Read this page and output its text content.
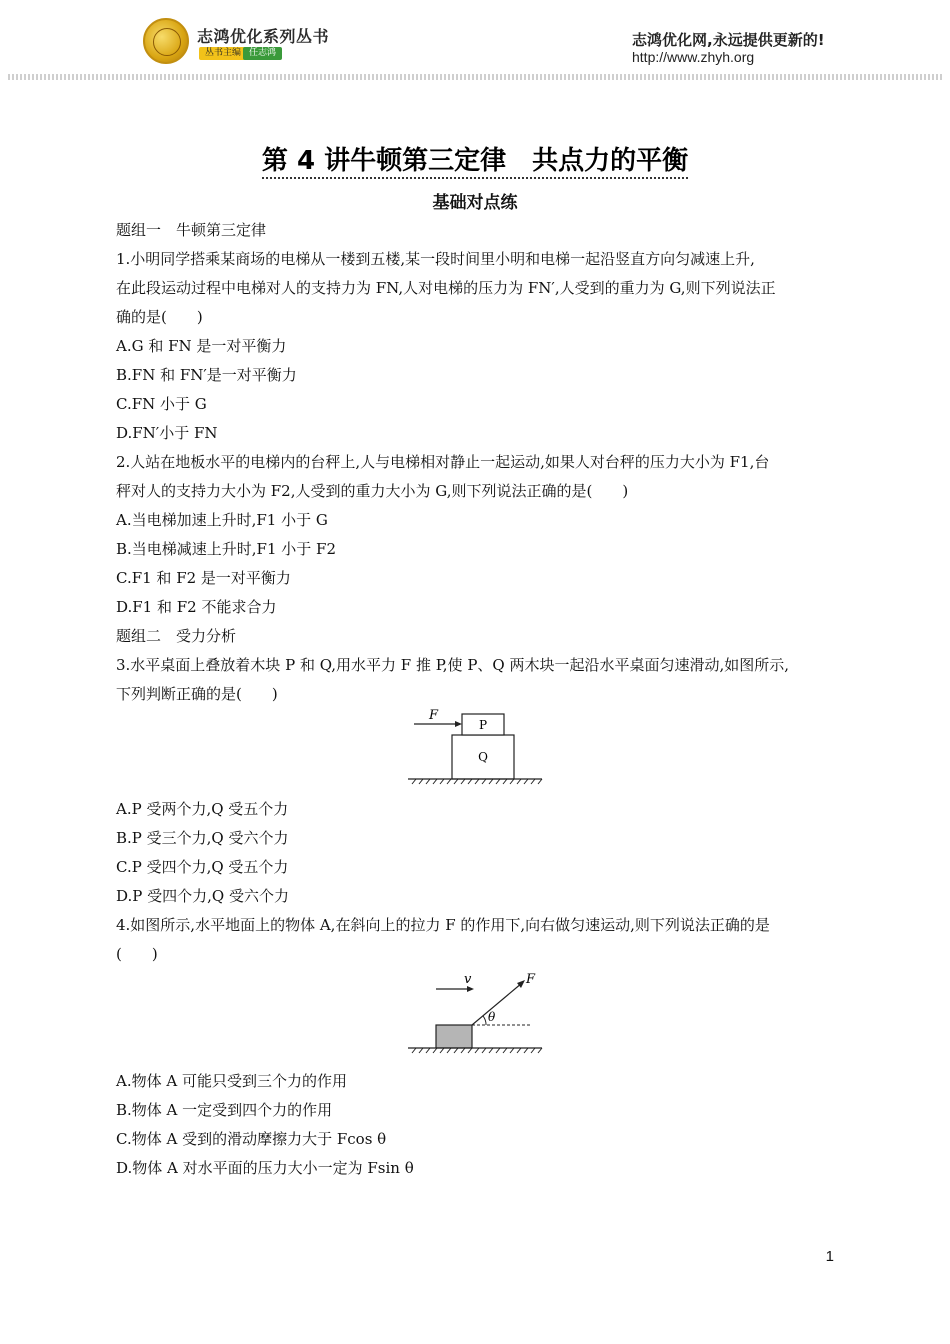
志鸿优化系列丛书
丛书主编 任志鸿
志鸿优化网,永远提供更新的!
http://www.zhyh.org
第 4 讲牛顿第三定律　共点力的平衡
基础对点练
题组一　牛顿第三定律
1.小明同学搭乘某商场的电梯从一楼到五楼,某一段时间里小明和电梯一起沿竖直方向匀减速上升,
在此段运动过程中电梯对人的支持力为 FN,人对电梯的压力为 FN′,人受到的重力为 G,则下列说法正
确的是(　　)
A.G 和 FN 是一对平衡力
B.FN 和 FN′是一对平衡力
C.FN 小于 G
D.FN′小于 FN
2.人站在地板水平的电梯内的台秤上,人与电梯相对静止一起运动,如果人对台秤的压力大小为 F1,台
秤对人的支持力大小为 F2,人受到的重力大小为 G,则下列说法正确的是(　　)
A.当电梯加速上升时,F1 小于 G
B.当电梯减速上升时,F1 小于 F2
C.F1 和 F2 是一对平衡力
D.F1 和 F2 不能求合力
题组二　受力分析
3.水平桌面上叠放着木块 P 和 Q,用水平力 F 推 P,使 P、Q 两木块一起沿水平桌面匀速滑动,如图所示,
下列判断正确的是(　　)
P
Q
F
A.P 受两个力,Q 受五个力
B.P 受三个力,Q 受六个力
C.P 受四个力,Q 受五个力
D.P 受四个力,Q 受六个力
4.如图所示,水平地面上的物体 A,在斜向上的拉力 F 的作用下,向右做匀速运动,则下列说法正确的是
(　　)
v	F
θ
A.物体 A 可能只受到三个力的作用
B.物体 A 一定受到四个力的作用
C.物体 A 受到的滑动摩擦力大于 Fcos θ
D.物体 A 对水平面的压力大小一定为 Fsin θ
1
